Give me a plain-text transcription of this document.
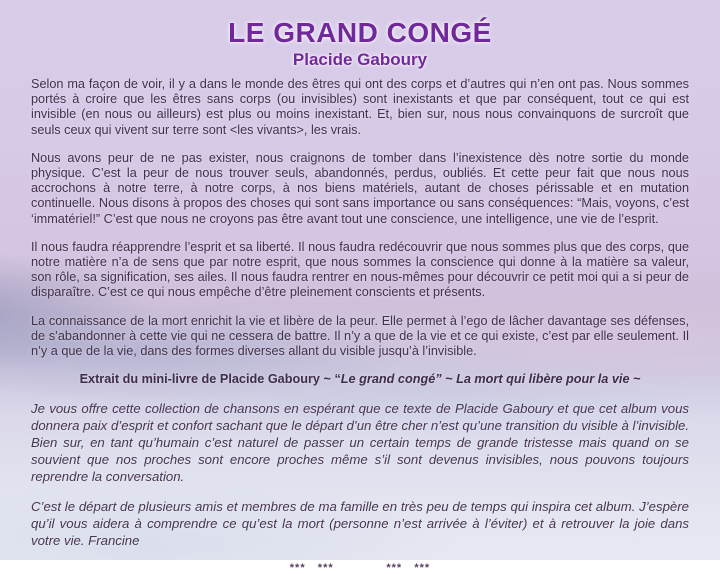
LE GRAND CONGÉ
Placide Gaboury

Selon ma façon de voir, il y a dans le monde des êtres qui ont des corps et d’autres qui n’en ont pas. Nous sommes portés à croire que les êtres sans corps (ou invisibles) sont inexistants et que par conséquent, tout ce qui est invisible (en nous ou ailleurs) est plus ou moins inexistant. Et, bien sur, nous nous convainquons de surcroît que seuls ceux qui vivent sur terre sont <les vivants>, les vrais.

Nous avons peur de ne pas exister, nous craignons de tomber dans l’inexistence dès notre sortie du monde physique. C’est la peur de nous trouver seuls, abandonnés, perdus, oubliés. Et cette peur fait que nous nous accrochons à notre terre, à notre corps, à nos biens matériels, autant de choses périssable et en mutation continuelle. Nous disons à propos des choses qui sont sans importance ou sans conséquences: “Mais, voyons, c’est ‘immatériel!” C’est que nous ne croyons pas être avant tout une conscience, une intelligence, une vie de l’esprit.

Il nous faudra réapprendre l’esprit et sa liberté. Il nous faudra redécouvrir que nous sommes plus que des corps, que notre matière n’a de sens que par notre esprit, que nous sommes la conscience qui donne à la matière sa valeur, son rôle, sa signification, ses ailes. Il nous faudra rentrer en nous-mêmes pour découvrir ce petit moi qui a si peur de disparaître. C’est ce qui nous empêche d’être pleinement conscients et présents.

La connaissance de la mort enrichit la vie et libère de la peur. Elle permet à l’ego de lâcher davantage ses défenses, de s’abandonner à cette vie qui ne cessera de battre. Il n’y a que de la vie et ce qui existe, c’est par elle seulement. Il n’y a que de la vie, dans des formes diverses allant du visible jusqu’à l’invisible.

Extrait du mini-livre de Placide Gaboury ~ “Le grand congé” ~ La mort qui libère pour la vie ~

Je vous offre cette collection de chansons en espérant que ce texte de Placide Gaboury et que cet album vous donnera paix d’esprit et confort sachant que le départ d’un être cher n’est qu’une transition du visible à l’invisible. Bien sur, en tant qu’humain c’est naturel de passer un certain temps de grande tristesse mais quand on se souvient que nos proches sont encore proches même s’il sont devenus invisibles, nous pouvons toujours reprendre la conversation.

C’est le départ de plusieurs amis et membres de ma famille en très peu de temps qui inspira cet album. J’espère qu’il vous aidera à comprendre ce qu’est la mort (personne n’est arrivée à l’éviter) et à retrouver la joie dans votre vie. Francine

***   ***             ***   ***
